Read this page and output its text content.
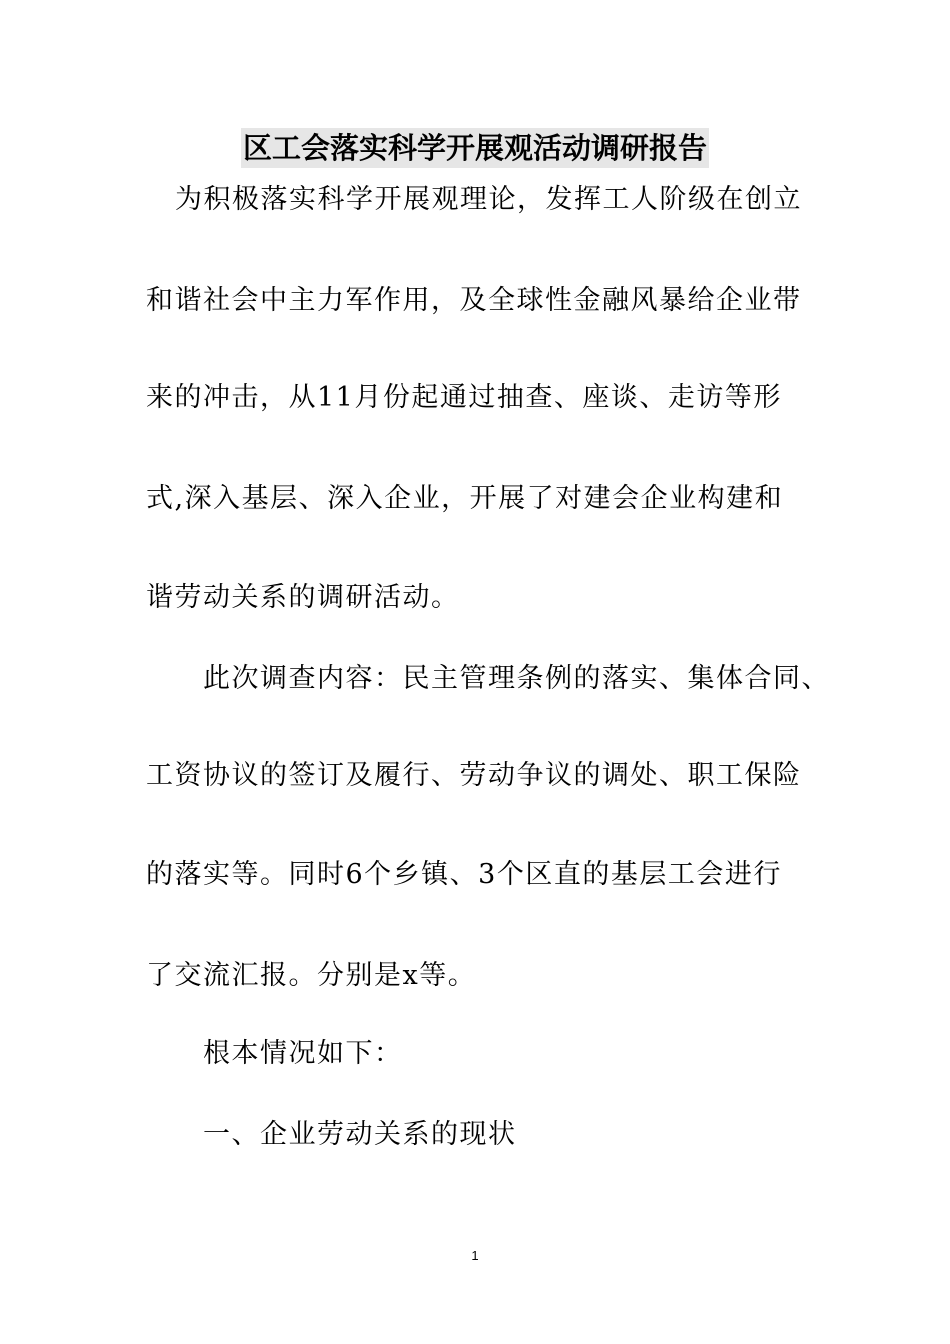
区工会落实科学开展观活动调研报告
为积极落实科学开展观理论，发挥工人阶级在创立
和谐社会中主力军作用，及全球性金融风暴给企业带
来的冲击，从11月份起通过抽查、座谈、走访等形
式,深入基层、深入企业，开展了对建会企业构建和
谐劳动关系的调研活动。
此次调查内容：民主管理条例的落实、集体合同、
工资协议的签订及履行、劳动争议的调处、职工保险
的落实等。同时6个乡镇、3个区直的基层工会进行
了交流汇报。分别是x等。
根本情况如下：
一、企业劳动关系的现状
1
